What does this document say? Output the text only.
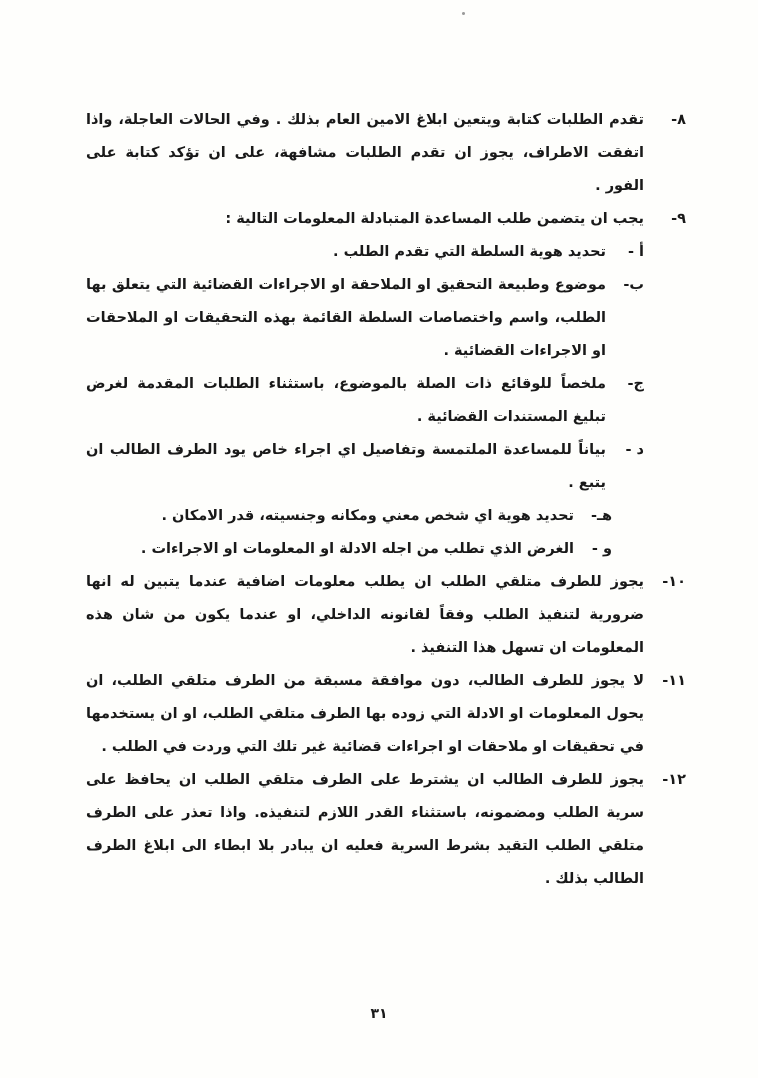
٨-
تقدم الطلبات كتابة ويتعين ابلاغ الامين العام بذلك . وفي الحالات العاجلة، واذا اتفقت الاطراف، يجوز ان تقدم الطلبات مشافهة، على ان تؤكد كتابة على الفور .
٩-
يجب ان يتضمن طلب المساعدة المتبادلة المعلومات التالية :
أ -
تحديد هوية السلطة التي تقدم الطلب .
ب-
موضوع وطبيعة التحقيق او الملاحقة او الاجراءات القضائية التي يتعلق بها الطلب، واسم واختصاصات السلطة القائمة بهذه التحقيقات او الملاحقات او الاجراءات القضائية .
ج-
ملخصاً للوقائع ذات الصلة بالموضوع، باستثناء الطلبات المقدمة لغرض تبليغ المستندات القضائية .
د -
بياناً للمساعدة الملتمسة وتفاصيل اي اجراء خاص يود الطرف الطالب ان يتبع .
هـ-
تحديد هوية اي شخص معني ومكانه وجنسيته، قدر الامكان .
و -
الغرض الذي تطلب من اجله الادلة او المعلومات او الاجراءات .
١٠-
يجوز للطرف متلقي الطلب ان يطلب معلومات اضافية عندما يتبين له انها ضرورية لتنفيذ الطلب وفقاً لقانونه الداخلي، او عندما يكون من شان هذه المعلومات ان تسهل هذا التنفيذ .
١١-
لا يجوز للطرف الطالب، دون موافقة مسبقة من الطرف متلقي الطلب، ان يحول المعلومات او الادلة التي زوده بها الطرف متلقي الطلب، او ان يستخدمها في تحقيقات او ملاحقات او اجراءات قضائية غير تلك التي وردت في الطلب .
١٢-
يجوز للطرف الطالب ان يشترط على الطرف متلقي الطلب ان يحافظ على سرية الطلب ومضمونه، باستثناء القدر اللازم لتنفيذه. واذا تعذر على الطرف متلقي الطلب التقيد بشرط السرية فعليه ان يبادر بلا ابطاء الى ابلاغ الطرف الطالب بذلك .
٣١
